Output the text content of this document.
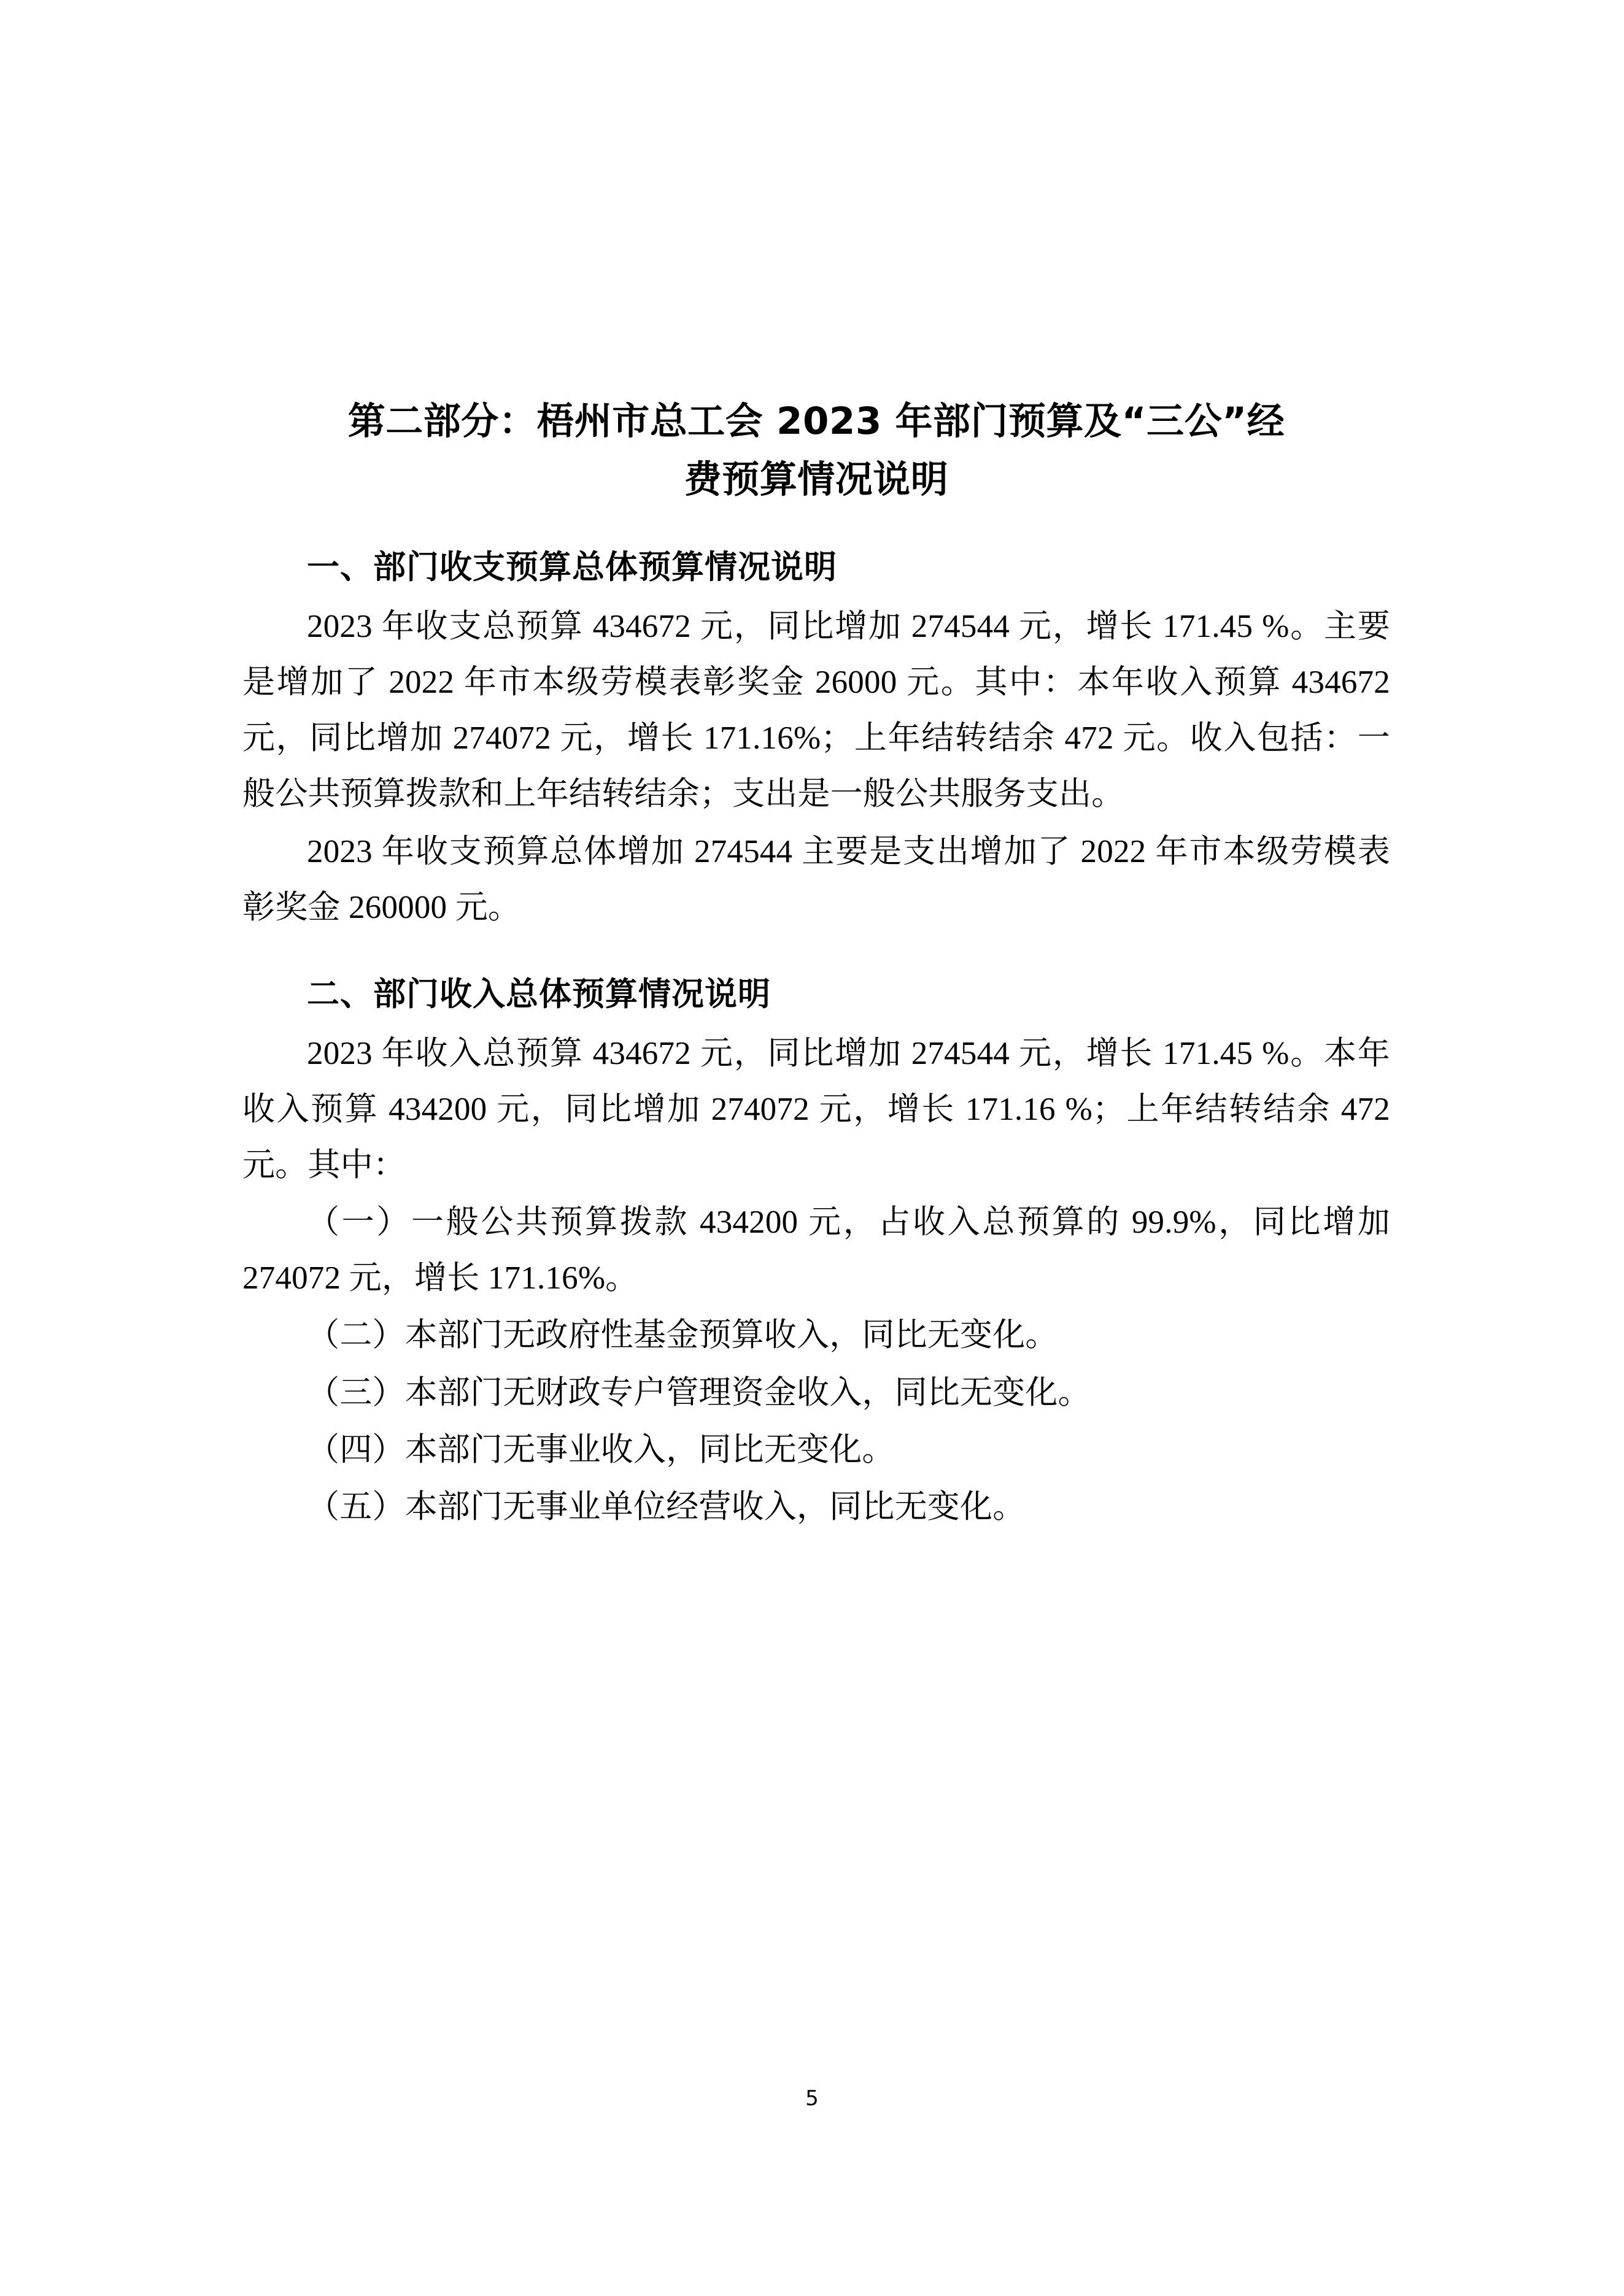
第二部分：梧州市总工会 2023 年部门预算及“三公”经
费预算情况说明
一、部门收支预算总体预算情况说明

2023 年收支总预算 434672 元，同比增加 274544 元，增长 171.45 %。主要是增加了 2022 年市本级劳模表彰奖金 26000 元。其中：本年收入预算 434672 元，同比增加 274072 元，增长 171.16%；上年结转结余 472 元。收入包括：一般公共预算拨款和上年结转结余；支出是一般公共服务支出。

2023 年收支预算总体增加 274544 主要是支出增加了 2022 年市本级劳模表彰奖金 260000 元。

二、部门收入总体预算情况说明

2023 年收入总预算 434672 元，同比增加 274544 元，增长 171.45 %。本年收入预算 434200 元，同比增加 274072 元，增长 171.16 %；上年结转结余 472 元。其中：

（一）一般公共预算拨款 434200 元，占收入总预算的 99.9%，同比增加 274072 元，增长 171.16%。

（二）本部门无政府性基金预算收入，同比无变化。

（三）本部门无财政专户管理资金收入，同比无变化。

（四）本部门无事业收入，同比无变化。

（五）本部门无事业单位经营收入，同比无变化。

5
